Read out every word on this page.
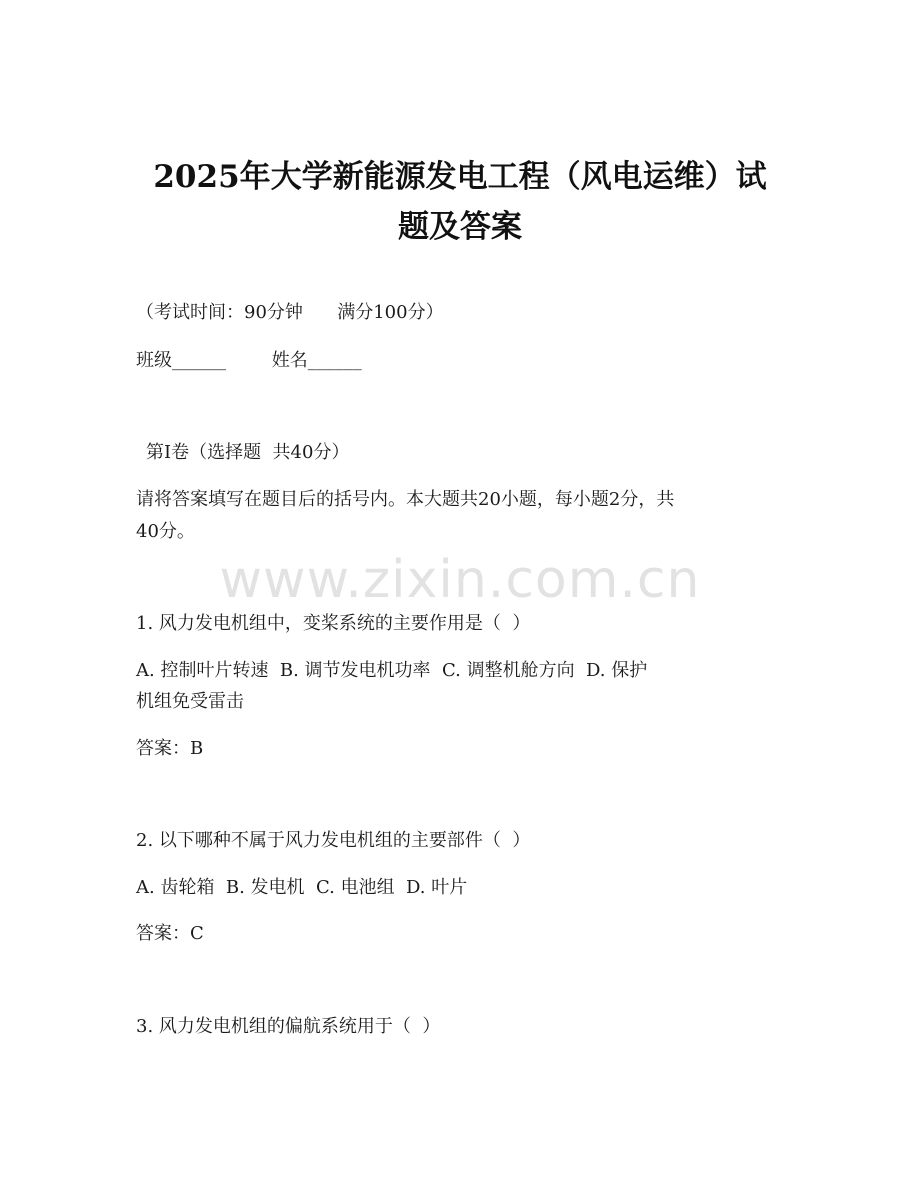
2025年大学新能源发电工程（风电运维）试
题及答案
（考试时间：90分钟      满分100分）
班级______        姓名______
第Ⅰ卷（选择题  共40分）
请将答案填写在题目后的括号内。本大题共20小题，每小题2分，共
40分。
www.zixin.com.cn
1. 风力发电机组中，变桨系统的主要作用是（  ）
A. 控制叶片转速  B. 调节发电机功率  C. 调整机舱方向  D. 保护
机组免受雷击
答案：B
2. 以下哪种不属于风力发电机组的主要部件（  ）
A. 齿轮箱  B. 发电机  C. 电池组  D. 叶片
答案：C
3. 风力发电机组的偏航系统用于（  ）
